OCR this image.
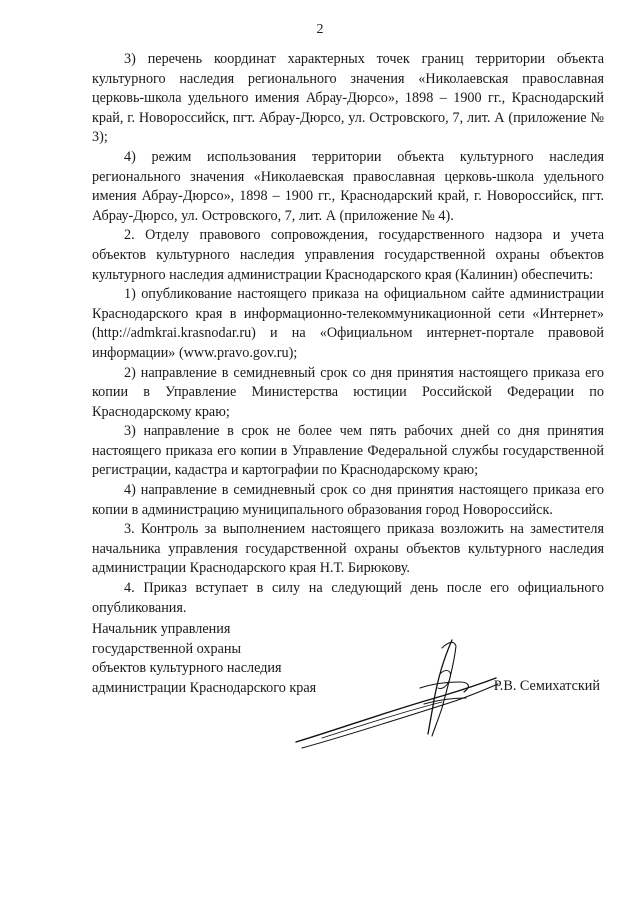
2

3) перечень координат характерных точек границ территории объекта культурного наследия регионального значения «Николаевская православная церковь-школа удельного имения Абрау-Дюрсо», 1898 – 1900 гг., Краснодарский край, г. Новороссийск, пгт. Абрау-Дюрсо, ул. Островского, 7, лит. А (приложение № 3);

4) режим использования территории объекта культурного наследия регионального значения «Николаевская православная церковь-школа удельного имения Абрау-Дюрсо», 1898 – 1900 гг., Краснодарский край, г. Новороссийск, пгт. Абрау-Дюрсо, ул. Островского, 7, лит. А (приложение № 4).

2. Отделу правового сопровождения, государственного надзора и учета объектов культурного наследия управления государственной охраны объектов культурного наследия администрации Краснодарского края (Калинин) обеспечить:

1) опубликование настоящего приказа на официальном сайте администрации Краснодарского края в информационно-телекоммуникационной сети «Интернет» (http://admkrai.krasnodar.ru) и на «Официальном интернет-портале правовой информации» (www.pravo.gov.ru);

2) направление в семидневный срок со дня принятия настоящего приказа его копии в Управление Министерства юстиции Российской Федерации по Краснодарскому краю;

3) направление в срок не более чем пять рабочих дней со дня принятия настоящего приказа его копии в Управление Федеральной службы государственной регистрации, кадастра и картографии по Краснодарскому краю;

4) направление в семидневный срок со дня принятия настоящего приказа его копии в администрацию муниципального образования город Новороссийск.

3. Контроль за выполнением настоящего приказа возложить на заместителя начальника управления государственной охраны объектов культурного наследия администрации Краснодарского края Н.Т. Бирюкову.

4. Приказ вступает в силу на следующий день после его официального опубликования.

Начальник управления
государственной охраны
объектов культурного наследия
администрации Краснодарского края	Р.В. Семихатский
